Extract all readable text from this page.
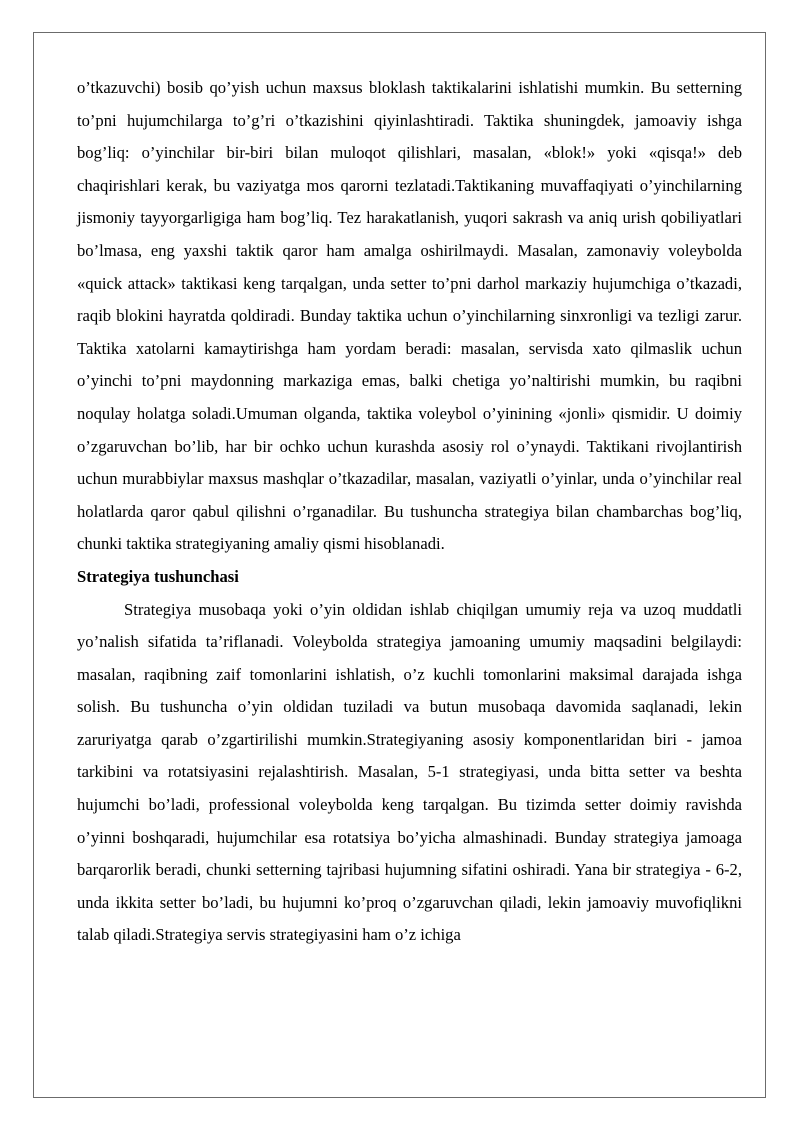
o’tkazuvchi) bosib qo’yish uchun maxsus bloklash taktikalarini ishlatishi mumkin. Bu setterning to’pni hujumchilarga to’g’ri o’tkazishini qiyinlashtiradi. Taktika shuningdek, jamoaviy ishga bog’liq: o’yinchilar bir-biri bilan muloqot qilishlari, masalan, «blok!» yoki «qisqa!» deb chaqirishlari kerak, bu vaziyatga mos qarorni tezlatadi.Taktikaning muvaffaqiyati o’yinchilarning jismoniy tayyorgarligiga ham bog’liq. Tez harakatlanish, yuqori sakrash va aniq urish qobiliyatlari bo’lmasa, eng yaxshi taktik qaror ham amalga oshirilmaydi. Masalan, zamonaviy voleybolda «quick attack» taktikasi keng tarqalgan, unda setter to’pni darhol markaziy hujumchiga o’tkazadi, raqib blokini hayratda qoldiradi. Bunday taktika uchun o’yinchilarning sinxronligi va tezligi zarur. Taktika xatolarni kamaytirishga ham yordam beradi: masalan, servisda xato qilmaslik uchun o’yinchi to’pni maydonning markaziga emas, balki chetiga yo’naltirishi mumkin, bu raqibni noqulay holatga soladi.Umuman olganda, taktika voleybol o’yinining «jonli» qismidir. U doimiy o’zgaruvchan bo’lib, har bir ochko uchun kurashda asosiy rol o’ynaydi. Taktikani rivojlantirish uchun murabbiylar maxsus mashqlar o’tkazadilar, masalan, vaziyatli o’yinlar, unda o’yinchilar real holatlarda qaror qabul qilishni o’rganadilar. Bu tushuncha strategiya bilan chambarchas bog’liq, chunki taktika strategiyaning amaliy qismi hisoblanadi.

Strategiya tushunchasi

Strategiya musobaqa yoki o’yin oldidan ishlab chiqilgan umumiy reja va uzoq muddatli yo’nalish sifatida ta’riflanadi. Voleybolda strategiya jamoaning umumiy maqsadini belgilaydi: masalan, raqibning zaif tomonlarini ishlatish, o’z kuchli tomonlarini maksimal darajada ishga solish. Bu tushuncha o’yin oldidan tuziladi va butun musobaqa davomida saqlanadi, lekin zaruriyatga qarab o’zgartirilishi mumkin.Strategiyaning asosiy komponentlaridan biri - jamoa tarkibini va rotatsiyasini rejalashtirish. Masalan, 5-1 strategiyasi, unda bitta setter va beshta hujumchi bo’ladi, professional voleybolda keng tarqalgan. Bu tizimda setter doimiy ravishda o’yinni boshqaradi, hujumchilar esa rotatsiya bo’yicha almashinadi. Bunday strategiya jamoaga barqarorlik beradi, chunki setterning tajribasi hujumning sifatini oshiradi. Yana bir strategiya - 6-2, unda ikkita setter bo’ladi, bu hujumni ko’proq o’zgaruvchan qiladi, lekin jamoaviy muvofiqlikni talab qiladi.Strategiya servis strategiyasini ham o’z ichiga
